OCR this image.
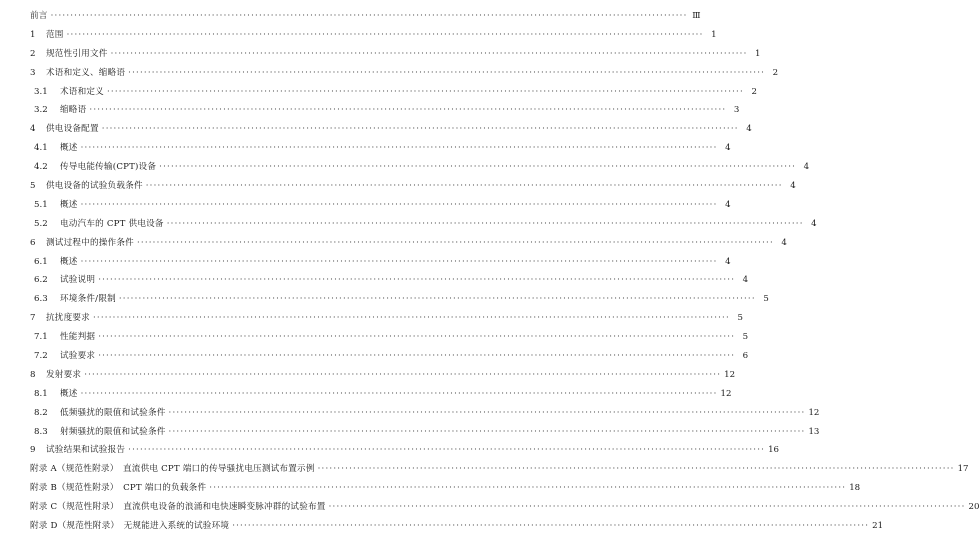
前言 ·····	Ⅲ
1	范围 ·····	1
2	规范性引用文件 ·····	1
3	术语和定义、缩略语 ·····	2
3.1	术语和定义 ·····	2
3.2	缩略语 ·····	3
4	供电设备配置 ·····	4
4.1	概述 ·····	4
4.2	传导电能传输(CPT)设备 ·····	4
5	供电设备的试验负载条件 ·····	4
5.1	概述 ·····	4
5.2	电动汽车的 CPT 供电设备 ·····	4
6	测试过程中的操作条件 ·····	4
6.1	概述 ·····	4
6.2	试验说明 ·····	4
6.3	环境条件/限制 ·····	5
7	抗扰度要求 ·····	5
7.1	性能判据 ·····	5
7.2	试验要求 ·····	6
8	发射要求 ·····	12
8.1	概述 ·····	12
8.2	低频骚扰的限值和试验条件 ·····	12
8.3	射频骚扰的限值和试验条件 ·····	13
9	试验结果和试验报告 ·····	16
附录 A（规范性附录）　直流供电 CPT 端口的传导骚扰电压测试布置示例 ·····	17
附录 B（规范性附录）　CPT 端口的负载条件 ·····	18
附录 C（规范性附录）　直流供电设备的浪涌和电快速瞬变脉冲群的试验布置 ·····	20
附录 D（规范性附录）　无规能进入系统的试验环境 ·····	21
